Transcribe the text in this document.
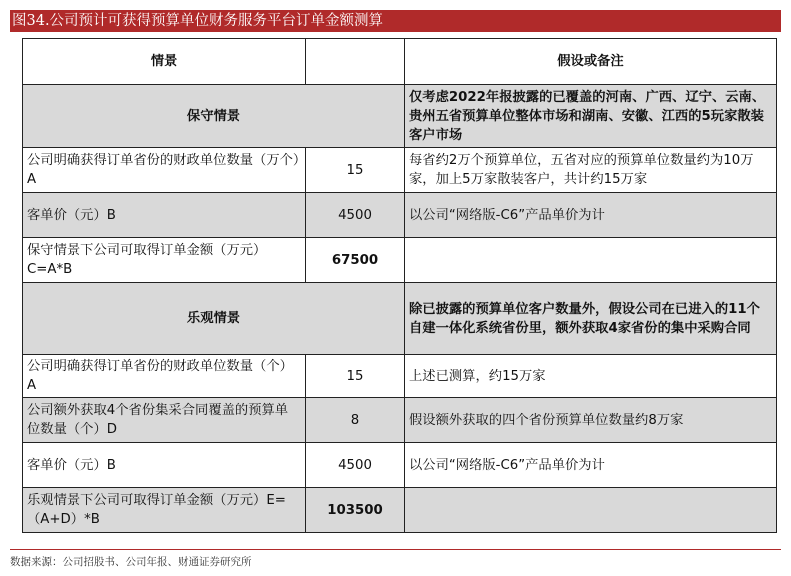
图34.公司预计可获得预算单位财务服务平台订单金额测算
情景		假设或备注
保守情景		仅考虑2022年报披露的已覆盖的河南、广西、辽宁、云南、贵州五省预算单位整体市场和湖南、安徽、江西的5玩家散装客户市场
公司明确获得订单省份的财政单位数量（万个）A	15	每省约2万个预算单位，五省对应的预算单位数量约为10万家，加上5万家散装客户，共计约15万家
客单价（元）B	4500	以公司“网络版-C6”产品单价为计
保守情景下公司可取得订单金额（万元）C=A*B	67500	
乐观情景		除已披露的预算单位客户数量外，假设公司在已进入的11个自建一体化系统省份里，额外获取4家省份的集中采购合同
公司明确获得订单省份的财政单位数量（个）A	15	上述已测算，约15万家
公司额外获取4个省份集采合同覆盖的预算单位数量（个）D	8	假设额外获取的四个省份预算单位数量约8万家
客单价（元）B	4500	以公司“网络版-C6”产品单价为计
乐观情景下公司可取得订单金额（万元）E=（A+D）*B	103500	
数据来源：公司招股书、公司年报、财通证券研究所
